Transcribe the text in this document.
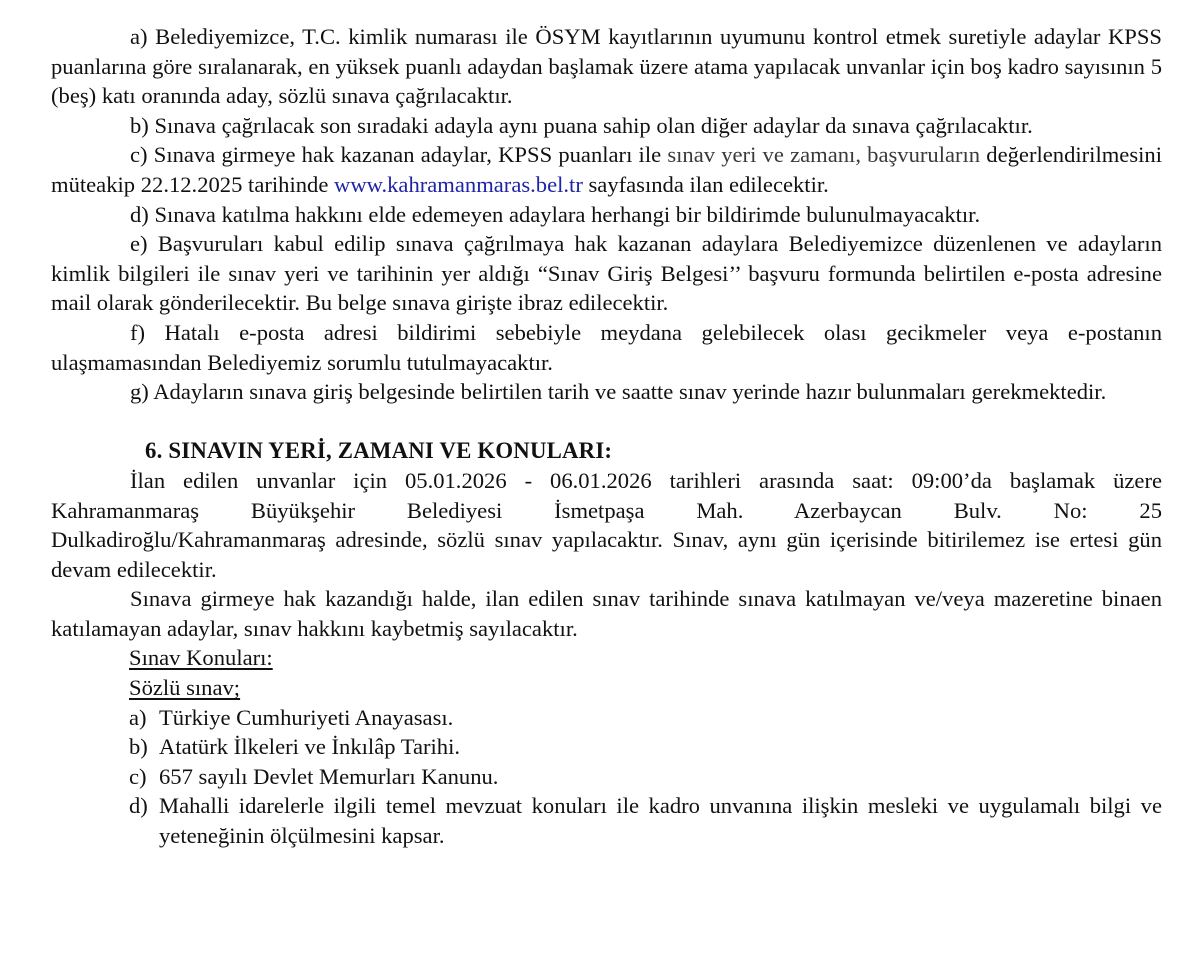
a) Belediyemizce, T.C. kimlik numarası ile ÖSYM kayıtlarının uyumunu kontrol etmek suretiyle adaylar KPSS puanlarına göre sıralanarak, en yüksek puanlı adaydan başlamak üzere atama yapılacak unvanlar için boş kadro sayısının 5 (beş) katı oranında aday, sözlü sınava çağrılacaktır.

b) Sınava çağrılacak son sıradaki adayla aynı puana sahip olan diğer adaylar da sınava çağrılacaktır.

c) Sınava girmeye hak kazanan adaylar, KPSS puanları ile sınav yeri ve zamanı, başvuruların değerlendirilmesini müteakip 22.12.2025 tarihinde www.kahramanmaras.bel.tr sayfasında ilan edilecektir.

d) Sınava katılma hakkını elde edemeyen adaylara herhangi bir bildirimde bulunulmayacaktır.

e) Başvuruları kabul edilip sınava çağrılmaya hak kazanan adaylara Belediyemizce düzenlenen ve adayların kimlik bilgileri ile sınav yeri ve tarihinin yer aldığı “Sınav Giriş Belgesi’’ başvuru formunda belirtilen e-posta adresine mail olarak gönderilecektir. Bu belge sınava girişte ibraz edilecektir.

f) Hatalı e-posta adresi bildirimi sebebiyle meydana gelebilecek olası gecikmeler veya e-postanın ulaşmamasından Belediyemiz sorumlu tutulmayacaktır.

g) Adayların sınava giriş belgesinde belirtilen tarih ve saatte sınav yerinde hazır bulunmaları gerekmektedir.

6. SINAVIN YERİ, ZAMANI VE KONULARI:

İlan edilen unvanlar için 05.01.2026 - 06.01.2026 tarihleri arasında saat: 09:00’da başlamak üzere

Kahramanmaraş Büyükşehir Belediyesi İsmetpaşa Mah. Azerbaycan Bulv. No: 25

Dulkadiroğlu/Kahramanmaraş adresinde, sözlü sınav yapılacaktır. Sınav, aynı gün içerisinde bitirilemez ise ertesi gün devam edilecektir.

Sınava girmeye hak kazandığı halde, ilan edilen sınav tarihinde sınava katılmayan ve/veya mazeretine binaen katılamayan adaylar, sınav hakkını kaybetmiş sayılacaktır.

Sınav Konuları:

Sözlü sınav;

a) Türkiye Cumhuriyeti Anayasası.
b) Atatürk İlkeleri ve İnkılâp Tarihi.
c) 657 sayılı Devlet Memurları Kanunu.
d) Mahalli idarelerle ilgili temel mevzuat konuları ile kadro unvanına ilişkin mesleki ve uygulamalı bilgi ve yeteneğinin ölçülmesini kapsar.
